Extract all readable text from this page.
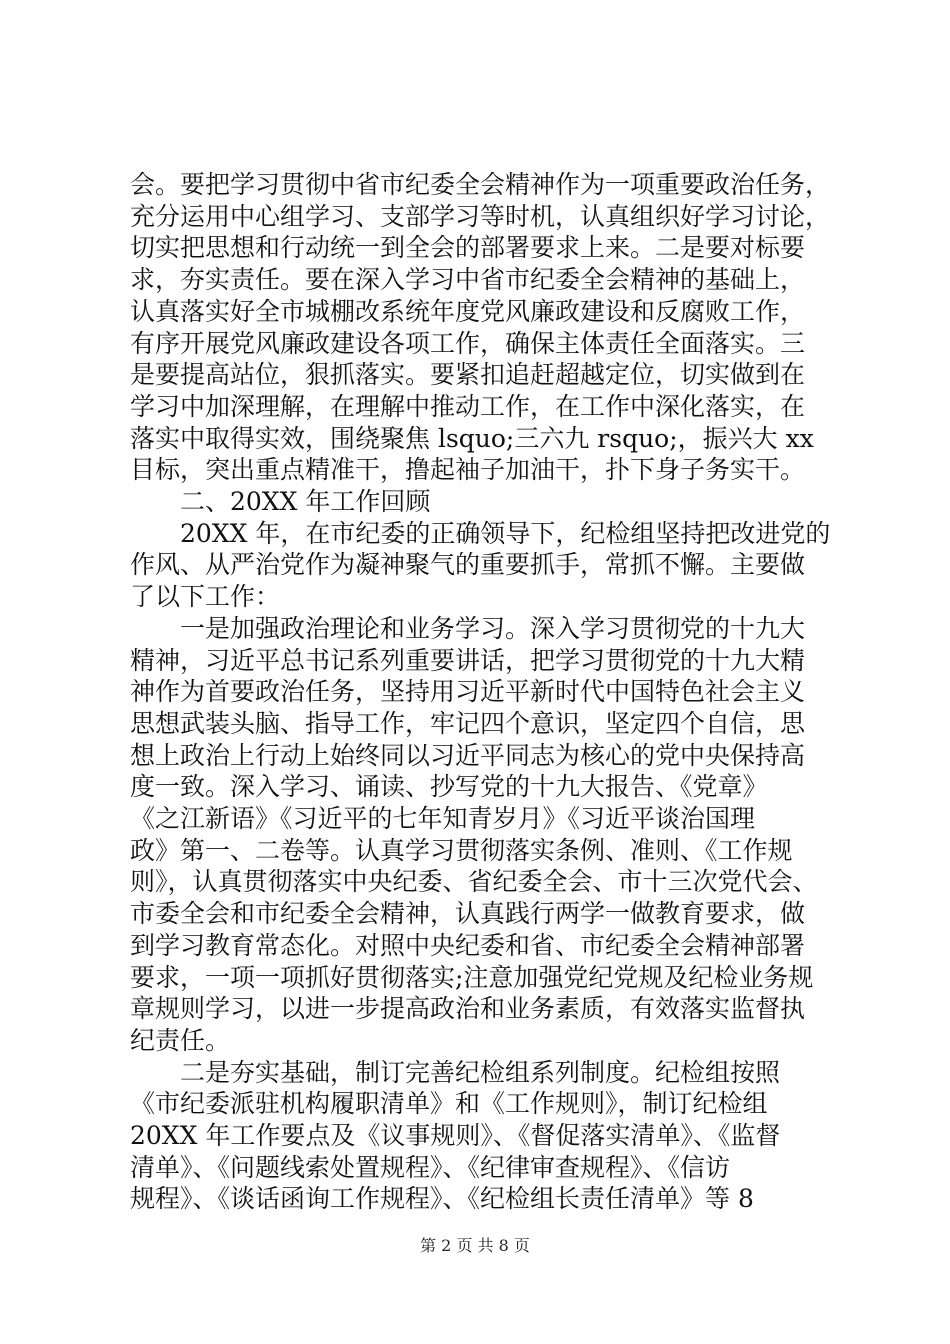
会。要把学习贯彻中省市纪委全会精神作为一项重要政治任务，
充分运用中心组学习、支部学习等时机，认真组织好学习讨论，
切实把思想和行动统一到全会的部署要求上来。二是要对标要
求，夯实责任。要在深入学习中省市纪委全会精神的基础上，
认真落实好全市城棚改系统年度党风廉政建设和反腐败工作，
有序开展党风廉政建设各项工作，确保主体责任全面落实。三
是要提高站位，狠抓落实。要紧扣追赶超越定位，切实做到在
学习中加深理解，在理解中推动工作，在工作中深化落实，在
落实中取得实效，围绕聚焦 lsquo;三六九 rsquo;，振兴大 xx
目标，突出重点精准干，撸起袖子加油干，扑下身子务实干。
　　二、20XX 年工作回顾
　　20XX 年，在市纪委的正确领导下，纪检组坚持把改进党的
作风、从严治党作为凝神聚气的重要抓手，常抓不懈。主要做
了以下工作：
　　一是加强政治理论和业务学习。深入学习贯彻党的十九大
精神，习近平总书记系列重要讲话，把学习贯彻党的十九大精
神作为首要政治任务，坚持用习近平新时代中国特色社会主义
思想武装头脑、指导工作，牢记四个意识，坚定四个自信，思
想上政治上行动上始终同以习近平同志为核心的党中央保持高
度一致。深入学习、诵读、抄写党的十九大报告、《党章》
《之江新语》《习近平的七年知青岁月》《习近平谈治国理
政》第一、二卷等。认真学习贯彻落实条例、准则、《工作规
则》，认真贯彻落实中央纪委、省纪委全会、市十三次党代会、
市委全会和市纪委全会精神，认真践行两学一做教育要求，做
到学习教育常态化。对照中央纪委和省、市纪委全会精神部署
要求，一项一项抓好贯彻落实;注意加强党纪党规及纪检业务规
章规则学习，以进一步提高政治和业务素质，有效落实监督执
纪责任。
　　二是夯实基础，制订完善纪检组系列制度。纪检组按照
《市纪委派驻机构履职清单》和《工作规则》，制订纪检组
20XX 年工作要点及《议事规则》、《督促落实清单》、《监督
清单》、《问题线索处置规程》、《纪律审查规程》、《信访
规程》、《谈话函询工作规程》、《纪检组长责任清单》等 8
第 2 页 共 8 页
